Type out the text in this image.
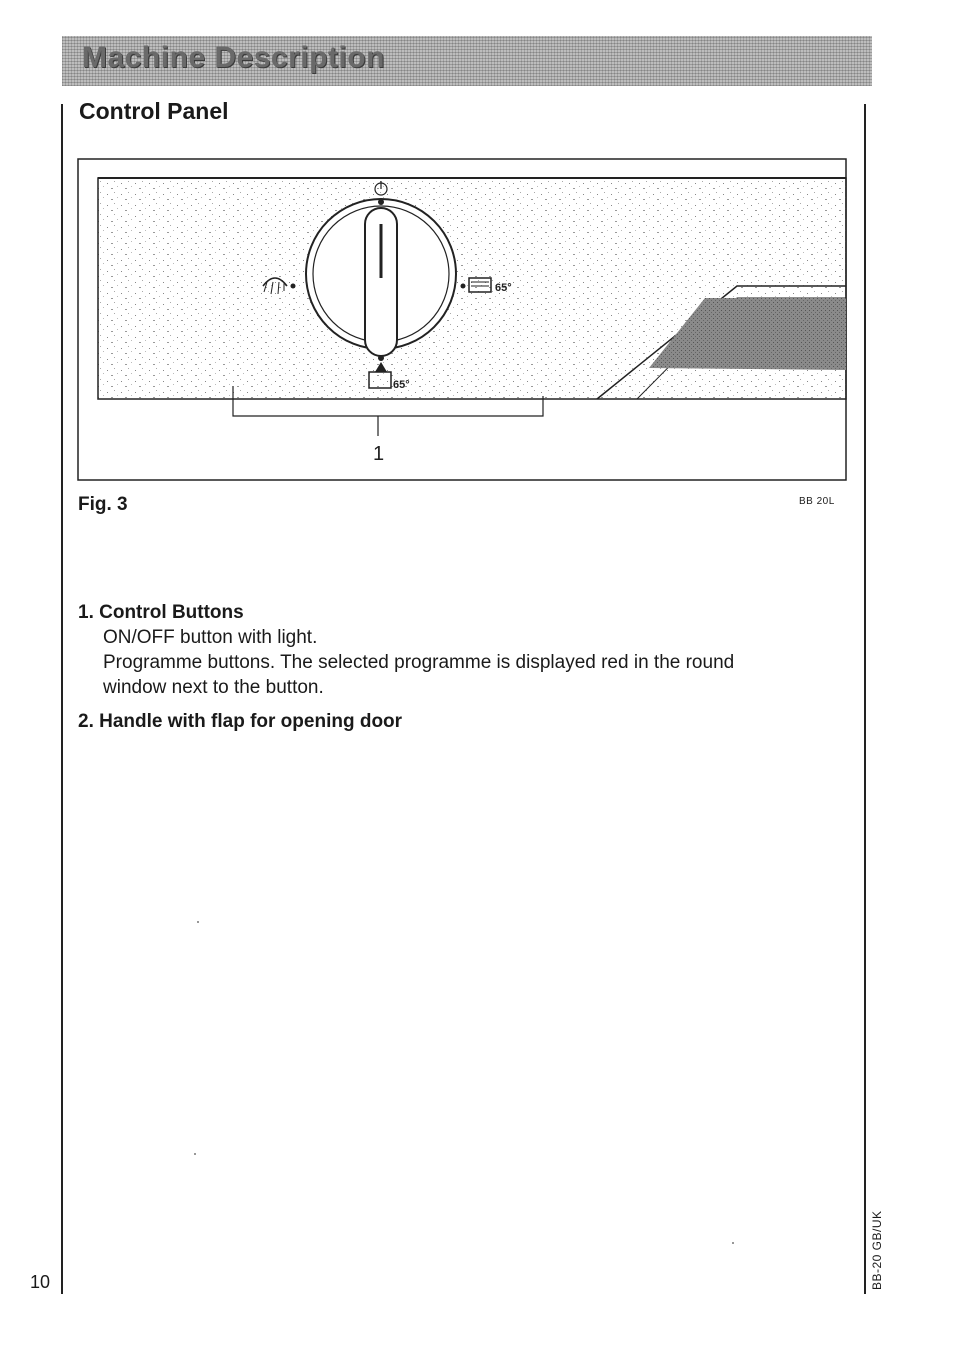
Machine Description
Control Panel
65°
65°
1
Fig. 3	BB 20L

1. Control Buttons

ON/OFF button with light.

Programme buttons. The selected programme is displayed red in the round

window next to the button.

2. Handle with flap for opening door

10	BB-20 GB/UK
